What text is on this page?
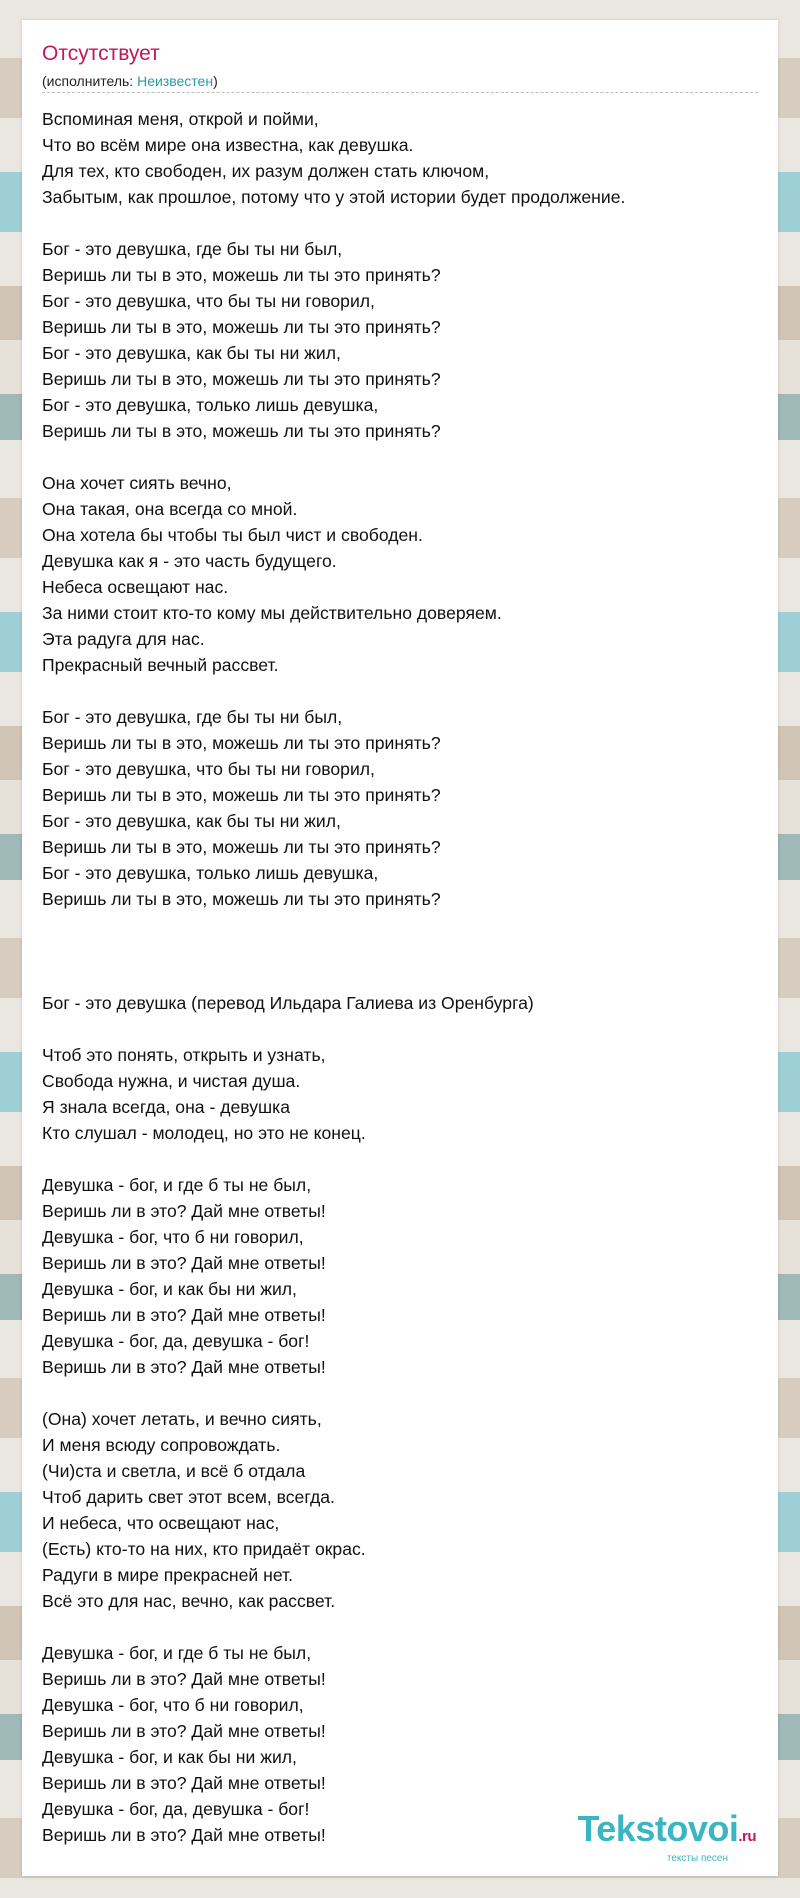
Отсутствует
(исполнитель: Неизвестен)
Вспоминая меня, открой и пойми,
Что во всём мире она известна, как девушка.
Для тех, кто свободен, их разум должен стать ключом,
Забытым, как прошлое, потому что у этой истории будет продолжение.

Бог - это девушка, где бы ты ни был,
Веришь ли ты в это, можешь ли ты это принять?
Бог - это девушка, что бы ты ни говорил,
Веришь ли ты в это, можешь ли ты это принять?
Бог - это девушка, как бы ты ни жил,
Веришь ли ты в это, можешь ли ты это принять?
Бог - это девушка, только лишь девушка,
Веришь ли ты в это, можешь ли ты это принять?

Она хочет сиять вечно,
Она такая, она всегда со мной.
Она хотела бы чтобы ты был чист и свободен.
Девушка как я - это часть будущего.
Небеса освещают нас.
За ними стоит кто-то кому мы действительно доверяем.
Эта радуга для нас.
Прекрасный вечный рассвет.

Бог - это девушка, где бы ты ни был,
Веришь ли ты в это, можешь ли ты это принять?
Бог - это девушка, что бы ты ни говорил,
Веришь ли ты в это, можешь ли ты это принять?
Бог - это девушка, как бы ты ни жил,
Веришь ли ты в это, можешь ли ты это принять?
Бог - это девушка, только лишь девушка,
Веришь ли ты в это, можешь ли ты это принять?

Бог - это девушка (перевод Ильдара Галиева из Оренбурга)

Чтоб это понять, открыть и узнать,
Свобода нужна, и чистая душа.
Я знала всегда, она - девушка
Кто слушал - молодец, но это не конец.

Девушка - бог, и где б ты не был,
Веришь ли в это? Дай мне ответы!
Девушка - бог, что б ни говорил,
Веришь ли в это? Дай мне ответы!
Девушка - бог, и как бы ни жил,
Веришь ли в это? Дай мне ответы!
Девушка - бог, да, девушка - бог!
Веришь ли в это? Дай мне ответы!

(Она) хочет летать, и вечно сиять,
И меня всюду сопровождать.
(Чи)ста и светла, и всё б отдала
Чтоб дарить свет этот всем, всегда.
И небеса, что освещают нас,
(Есть) кто-то на них, кто придаёт окрас.
Радуги в мире прекрасней нет.
Всё это для нас, вечно, как рассвет.

Девушка - бог, и где б ты не был,
Веришь ли в это? Дай мне ответы!
Девушка - бог, что б ни говорил,
Веришь ли в это? Дай мне ответы!
Девушка - бог, и как бы ни жил,
Веришь ли в это? Дай мне ответы!
Девушка - бог, да, девушка - бог!
Веришь ли в это? Дай мне ответы!	Tekstovoi.ru
тексты песен
